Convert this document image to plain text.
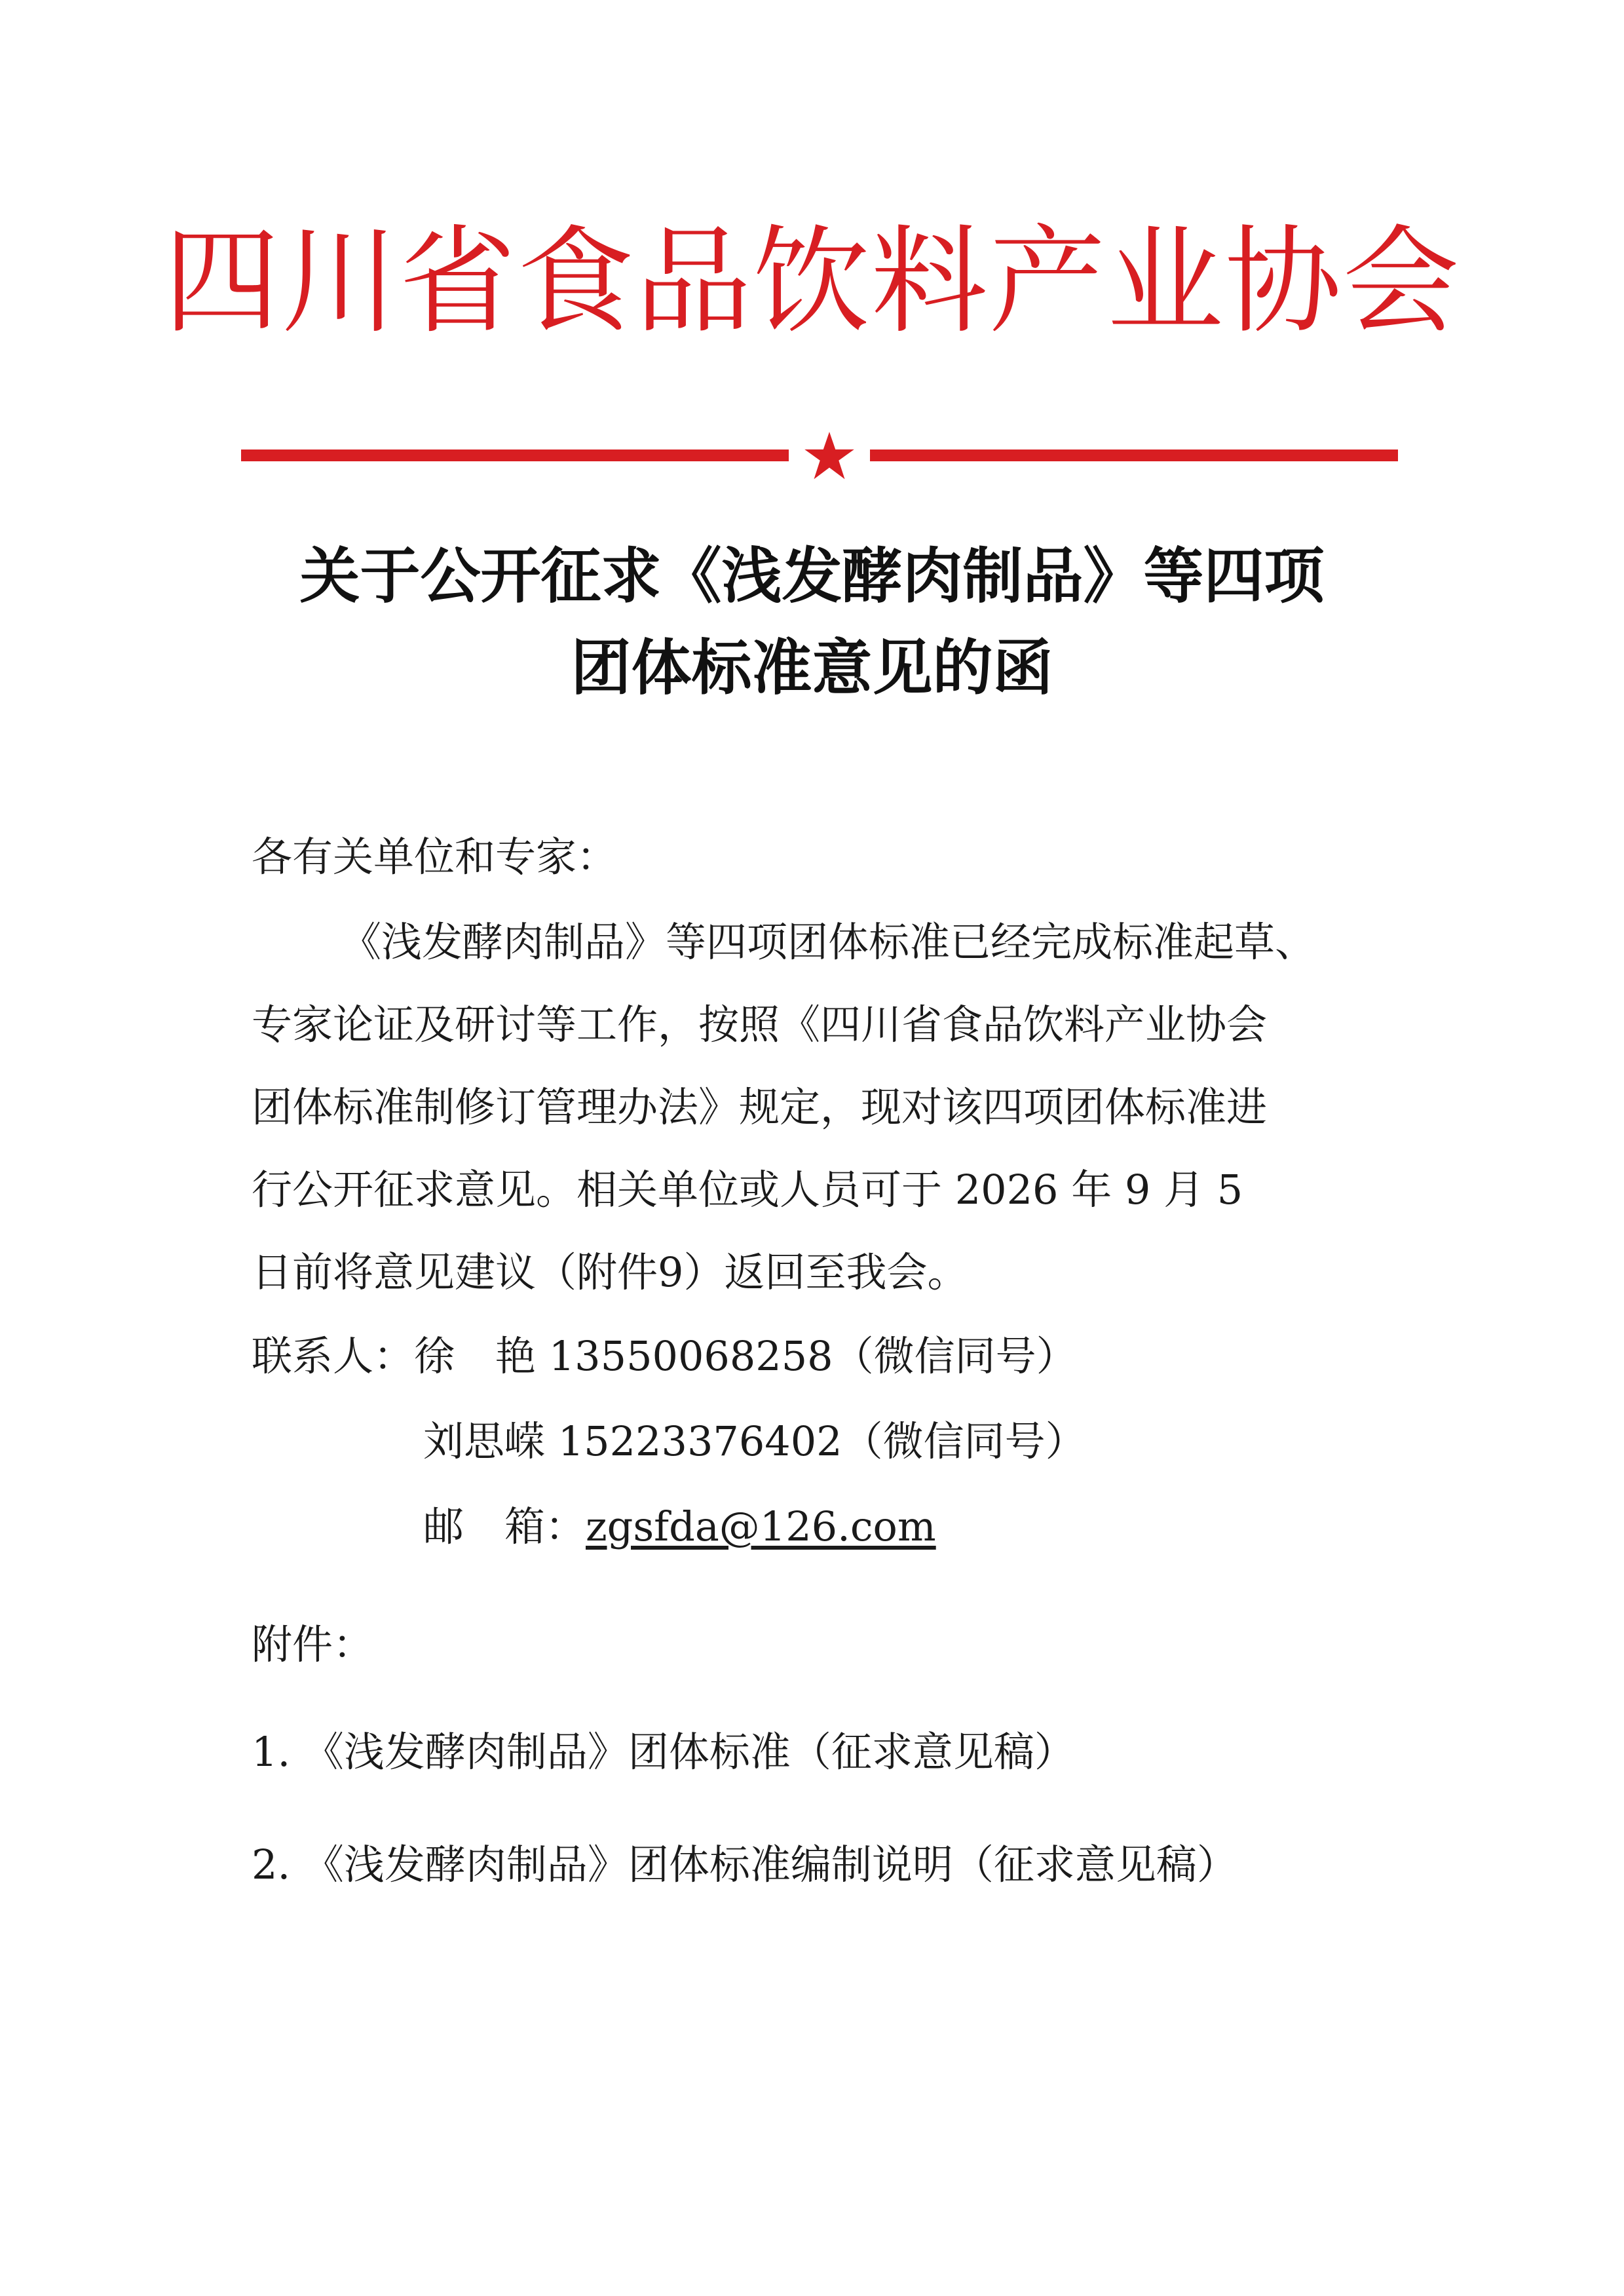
四川省食品饮料产业协会
关于公开征求《浅发酵肉制品》等四项
团体标准意见的函
各有关单位和专家：
《浅发酵肉制品》等四项团体标准已经完成标准起草、
专家论证及研讨等工作，按照《四川省食品饮料产业协会
团体标准制修订管理办法》规定，现对该四项团体标准进
行公开征求意见。相关单位或人员可于 2026 年 9 月 5
日前将意见建议（附件9）返回至我会。
联系人：徐　艳 13550068258（微信同号）
刘思嵘 15223376402（微信同号）
邮　箱：zgsfda@126.com
附件：
1. 《浅发酵肉制品》团体标准（征求意见稿）
2. 《浅发酵肉制品》团体标准编制说明（征求意见稿）
